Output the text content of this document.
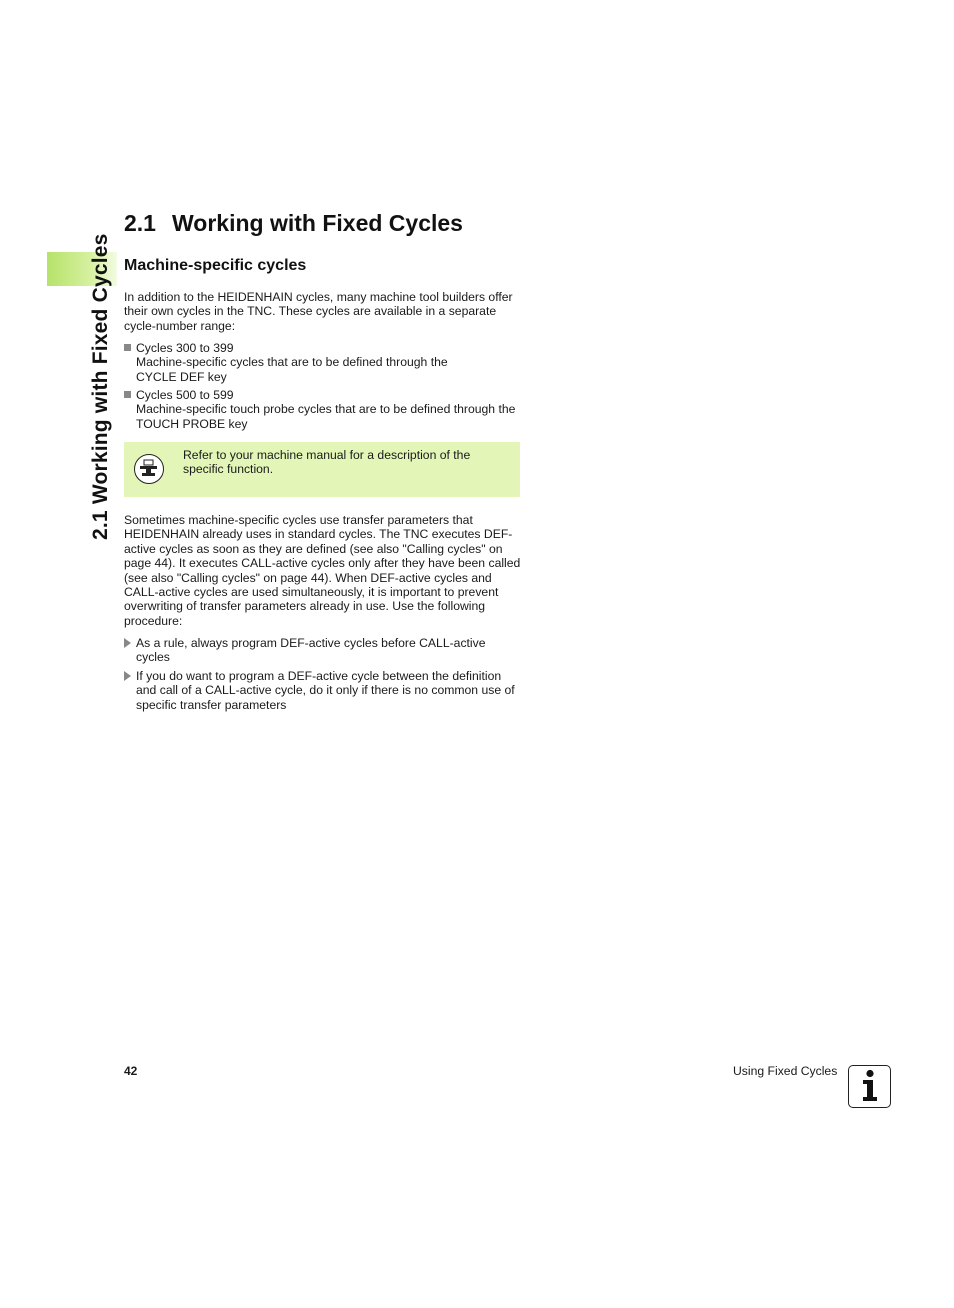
2.1 Working with Fixed Cycles
2.1 Working with Fixed Cycles
Machine-specific cycles

In addition to the HEIDENHAIN cycles, many machine tool builders offer their own cycles in the TNC. These cycles are available in a separate cycle-number range:

Cycles 300 to 399
Machine-specific cycles that are to be defined through the CYCLE DEF key
Cycles 500 to 599
Machine-specific touch probe cycles that are to be defined through the TOUCH PROBE key
Refer to your machine manual for a description of the specific function.

Sometimes machine-specific cycles use transfer parameters that HEIDENHAIN already uses in standard cycles. The TNC executes DEF-active cycles as soon as they are defined (see also "Calling cycles" on page 44). It executes CALL-active cycles only after they have been called (see also "Calling cycles" on page 44). When DEF-active cycles and CALL-active cycles are used simultaneously, it is important to prevent overwriting of transfer parameters already in use. Use the following procedure:

As a rule, always program DEF-active cycles before CALL-active cycles
If you do want to program a DEF-active cycle between the definition and call of a CALL-active cycle, do it only if there is no common use of specific transfer parameters
42	Using Fixed Cycles
